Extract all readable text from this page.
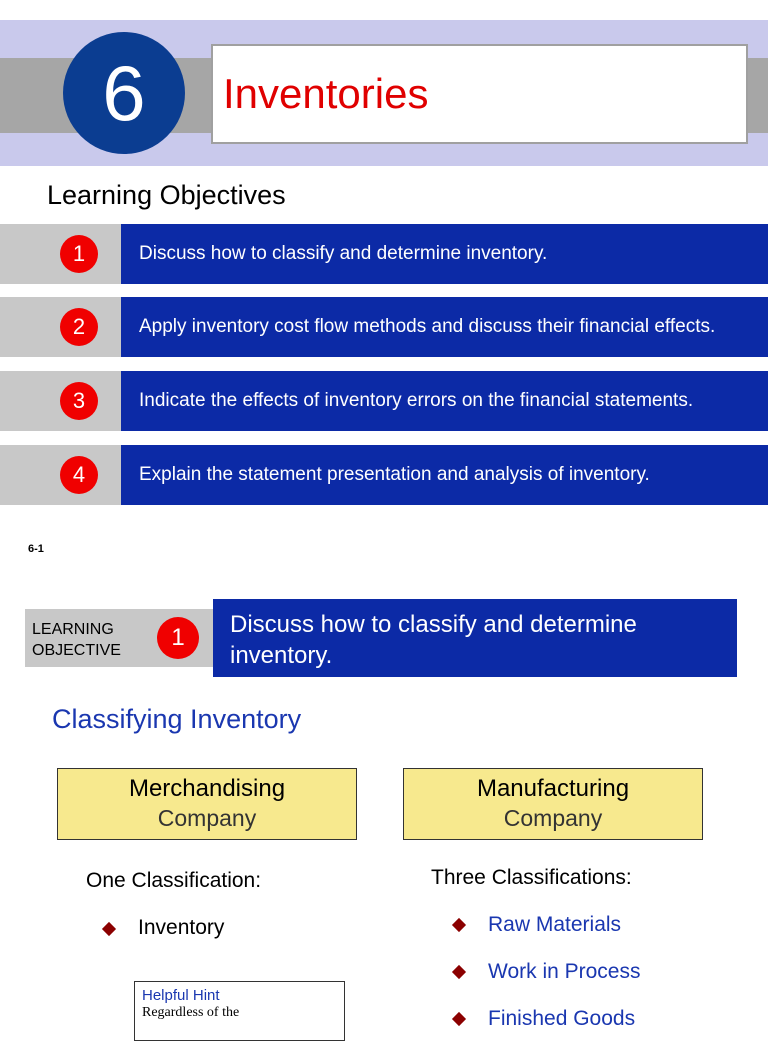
6	Inventories
Learning Objectives
1	Discuss how to classify and determine inventory.
2	Apply inventory cost flow methods and discuss their financial effects.
3	Indicate the effects of inventory errors on the financial statements.
4	Explain the statement presentation and analysis of inventory.
6-1
LEARNING
OBJECTIVE	1	Discuss how to classify and determine inventory.
Classifying Inventory
Merchandising
Company
Manufacturing
Company
One Classification:	Three Classifications:
Inventory	Raw Materials
Work in Process
Finished Goods
Helpful Hint
Regardless of the
